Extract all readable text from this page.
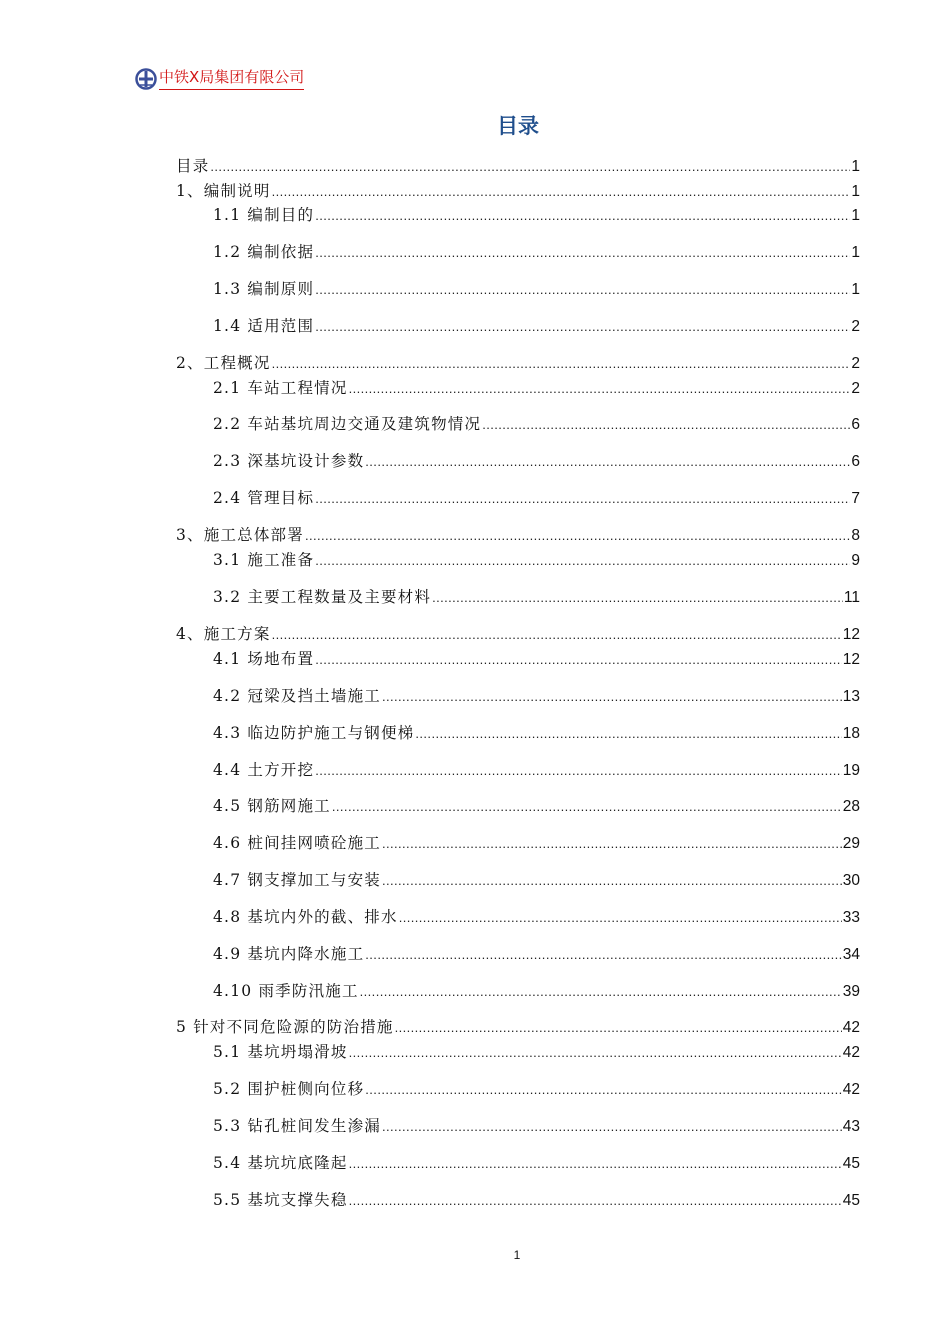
中铁Ⅹ局集团有限公司
目录
目录 .....	1
1、编制说明 .....	1
1.1 编制目的 .....	1
1.2 编制依据 .....	1
1.3 编制原则 .....	1
1.4 适用范围 .....	2
2、工程概况 .....	2
2.1 车站工程情况 .....	2
2.2 车站基坑周边交通及建筑物情况 .....	6
2.3 深基坑设计参数 .....	6
2.4 管理目标 .....	7
3、施工总体部署 .....	8
3.1 施工准备 .....	9
3.2 主要工程数量及主要材料 .....	11
4、施工方案 .....	12
4.1 场地布置 .....	12
4.2 冠梁及挡土墙施工 .....	13
4.3 临边防护施工与钢便梯 .....	18
4.4 土方开挖 .....	19
4.5 钢筋网施工 .....	28
4.6 桩间挂网喷砼施工 .....	29
4.7 钢支撑加工与安装 .....	30
4.8 基坑内外的截、排水 .....	33
4.9 基坑内降水施工 .....	34
4.10 雨季防汛施工 .....	39
5 针对不同危险源的防治措施 .....	42
5.1 基坑坍塌滑坡 .....	42
5.2 围护桩侧向位移 .....	42
5.3 钻孔桩间发生渗漏 .....	43
5.4 基坑坑底隆起 .....	45
5.5 基坑支撑失稳 .....	45
1
